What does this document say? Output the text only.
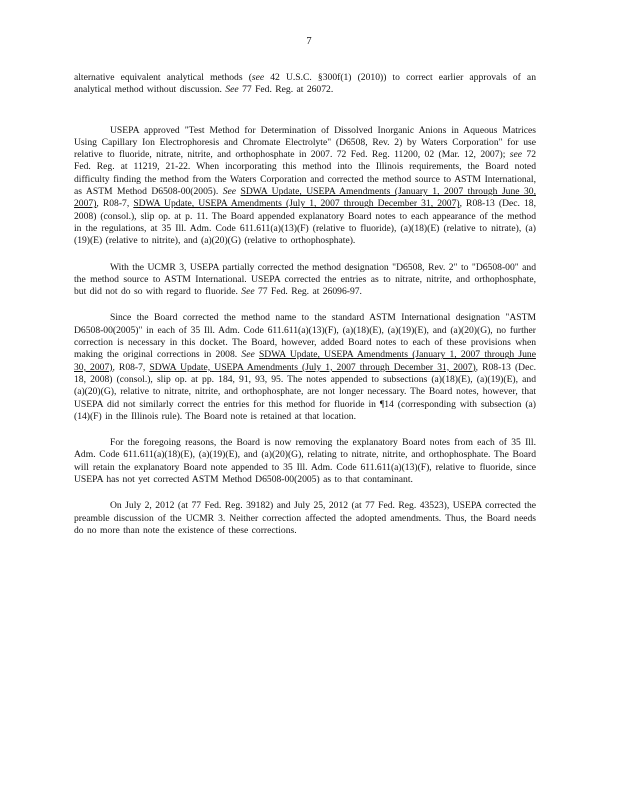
7

alternative equivalent analytical methods (see 42 U.S.C. §300f(1) (2010)) to correct earlier approvals of an analytical method without discussion. See 77 Fed. Reg. at 26072.

USEPA approved "Test Method for Determination of Dissolved Inorganic Anions in Aqueous Matrices Using Capillary Ion Electrophoresis and Chromate Electrolyte" (D6508, Rev. 2) by Waters Corporation" for use relative to fluoride, nitrate, nitrite, and orthophosphate in 2007. 72 Fed. Reg. 11200, 02 (Mar. 12, 2007); see 72 Fed. Reg. at 11219, 21-22. When incorporating this method into the Illinois requirements, the Board noted difficulty finding the method from the Waters Corporation and corrected the method source to ASTM International, as ASTM Method D6508-00(2005). See SDWA Update, USEPA Amendments (January 1, 2007 through June 30, 2007), R08-7, SDWA Update, USEPA Amendments (July 1, 2007 through December 31, 2007), R08-13 (Dec. 18, 2008) (consol.), slip op. at p. 11. The Board appended explanatory Board notes to each appearance of the method in the regulations, at 35 Ill. Adm. Code 611.611(a)(13)(F) (relative to fluoride), (a)(18)(E) (relative to nitrate), (a)(19)(E) (relative to nitrite), and (a)(20)(G) (relative to orthophosphate).

With the UCMR 3, USEPA partially corrected the method designation "D6508, Rev. 2" to "D6508-00" and the method source to ASTM International. USEPA corrected the entries as to nitrate, nitrite, and orthophosphate, but did not do so with regard to fluoride. See 77 Fed. Reg. at 26096-97.

Since the Board corrected the method name to the standard ASTM International designation "ASTM D6508-00(2005)" in each of 35 Ill. Adm. Code 611.611(a)(13)(F), (a)(18)(E), (a)(19)(E), and (a)(20)(G), no further correction is necessary in this docket. The Board, however, added Board notes to each of these provisions when making the original corrections in 2008. See SDWA Update, USEPA Amendments (January 1, 2007 through June 30, 2007), R08-7, SDWA Update, USEPA Amendments (July 1, 2007 through December 31, 2007), R08-13 (Dec. 18, 2008) (consol.), slip op. at pp. 184, 91, 93, 95. The notes appended to subsections (a)(18)(E), (a)(19)(E), and (a)(20)(G), relative to nitrate, nitrite, and orthophosphate, are not longer necessary. The Board notes, however, that USEPA did not similarly correct the entries for this method for fluoride in ¶14 (corresponding with subsection (a)(14)(F) in the Illinois rule). The Board note is retained at that location.

For the foregoing reasons, the Board is now removing the explanatory Board notes from each of 35 Ill. Adm. Code 611.611(a)(18)(E), (a)(19)(E), and (a)(20)(G), relating to nitrate, nitrite, and orthophosphate. The Board will retain the explanatory Board note appended to 35 Ill. Adm. Code 611.611(a)(13)(F), relative to fluoride, since USEPA has not yet corrected ASTM Method D6508-00(2005) as to that contaminant.

On July 2, 2012 (at 77 Fed. Reg. 39182) and July 25, 2012 (at 77 Fed. Reg. 43523), USEPA corrected the preamble discussion of the UCMR 3. Neither correction affected the adopted amendments. Thus, the Board needs do no more than note the existence of these corrections.
